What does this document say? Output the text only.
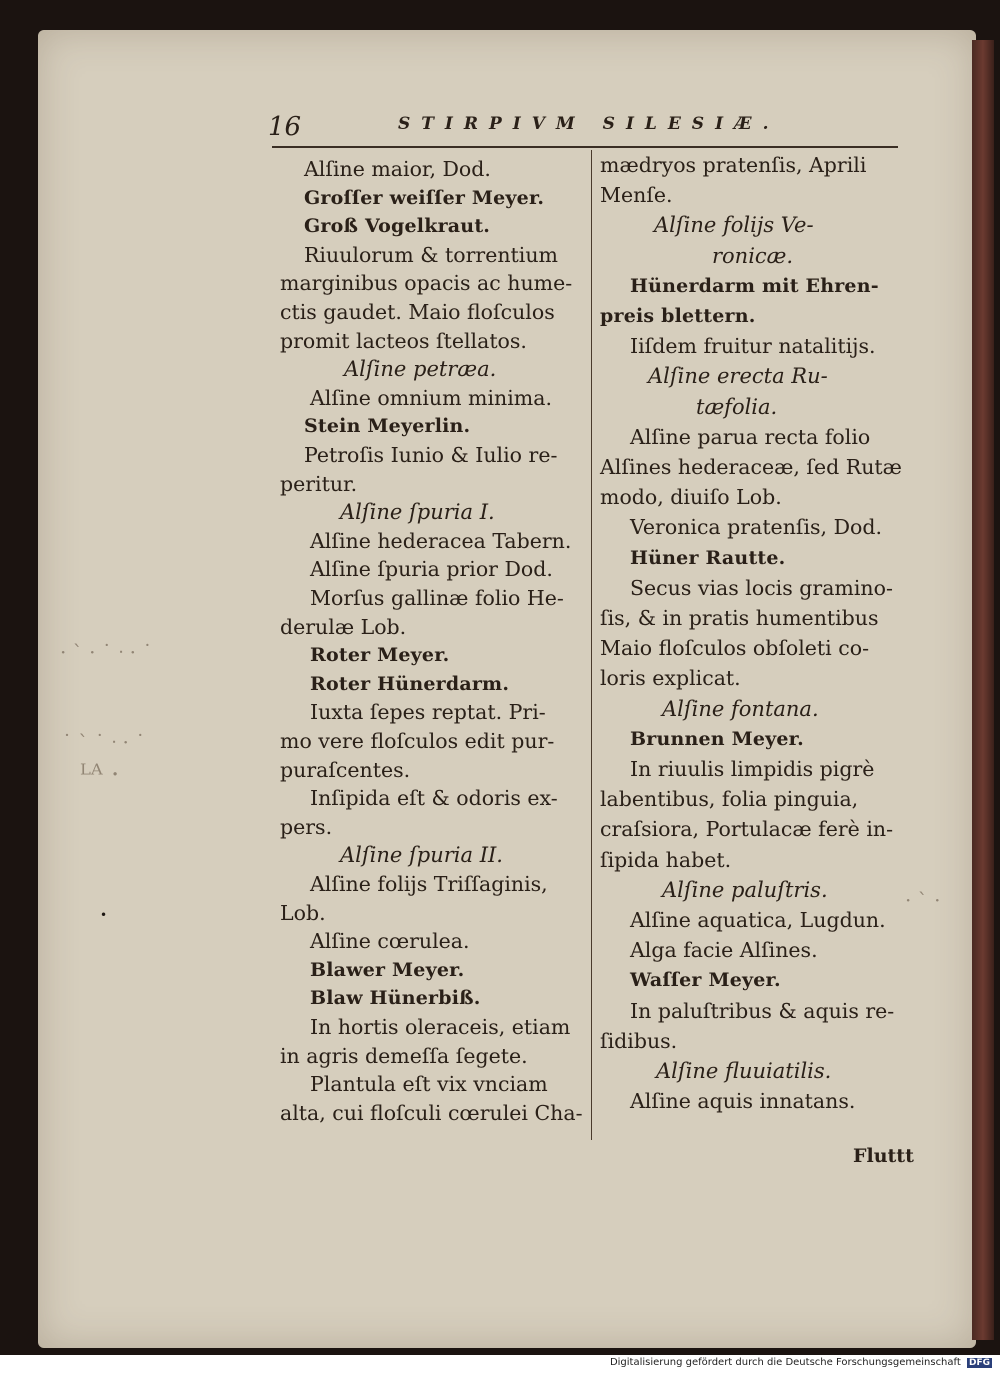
16	STIRPIVM SILESIÆ.
· ˋ · ˙ ᐧ · ˙
˙ ˋ ˙ ᐧ · ˙
ᴸᴬ ·
· ˋ ·
•
Alſine maior, Dod.
Groſſer weiſſer Meyer.
Groß Vogelkraut.
Riuulorum & torrentium
marginibus opacis ac hume-
ctis gaudet. Maio floſculos
promit lacteos ſtellatos.
Alſine petræa.
Alſine omnium minima.
Stein Meyerlin.
Petroſis Iunio & Iulio re-
peritur.
Alſine ſpuria I.
Alſine hederacea Tabern.
Alſine ſpuria prior Dod.
Morſus gallinæ folio He-
derulæ Lob.
Roter Meyer.
Roter Hünerdarm.
Iuxta ſepes reptat. Pri-
mo vere floſculos edit pur-
puraſcentes.
Inſipida eſt & odoris ex-
pers.
Alſine ſpuria II.
Alſine folijs Triſſaginis,
Lob.
Alſine cœrulea.
Blawer Meyer.
Blaw Hünerbiß.
In hortis oleraceis, etiam
in agris demeſſa ſegete.
Plantula eſt vix vnciam
alta, cui floſculi cœrulei Cha-
mædryos pratenſis, Aprili
Menſe.
Alſine folijs Ve-
ronicæ.
Hünerdarm mit Ehren-
preis blettern.
Iiſdem fruitur natalitijs.
Alſine erecta Ru-
tæfolia.
Alſine parua recta folio
Alſines hederaceæ, ſed Rutæ
modo, diuiſo Lob.
Veronica pratenſis, Dod.
Hüner Rautte.
Secus vias locis gramino-
ſis, & in pratis humentibus
Maio floſculos obſoleti co-
loris explicat.
Alſine fontana.
Brunnen Meyer.
In riuulis limpidis pigrè
labentibus, folia pinguia,
craſsiora, Portulacæ ferè in-
ſipida habet.
Alſine paluſtris.
Alſine aquatica, Lugdun.
Alga facie Alſines.
Waſſer Meyer.
In paluſtribus & aquis re-
ſidibus.
Alſine fluuiatilis.
Alſine aquis innatans.
Fluttt
Digitalisierung gefördert durch die Deutsche Forschungsgemeinschaft DFG
